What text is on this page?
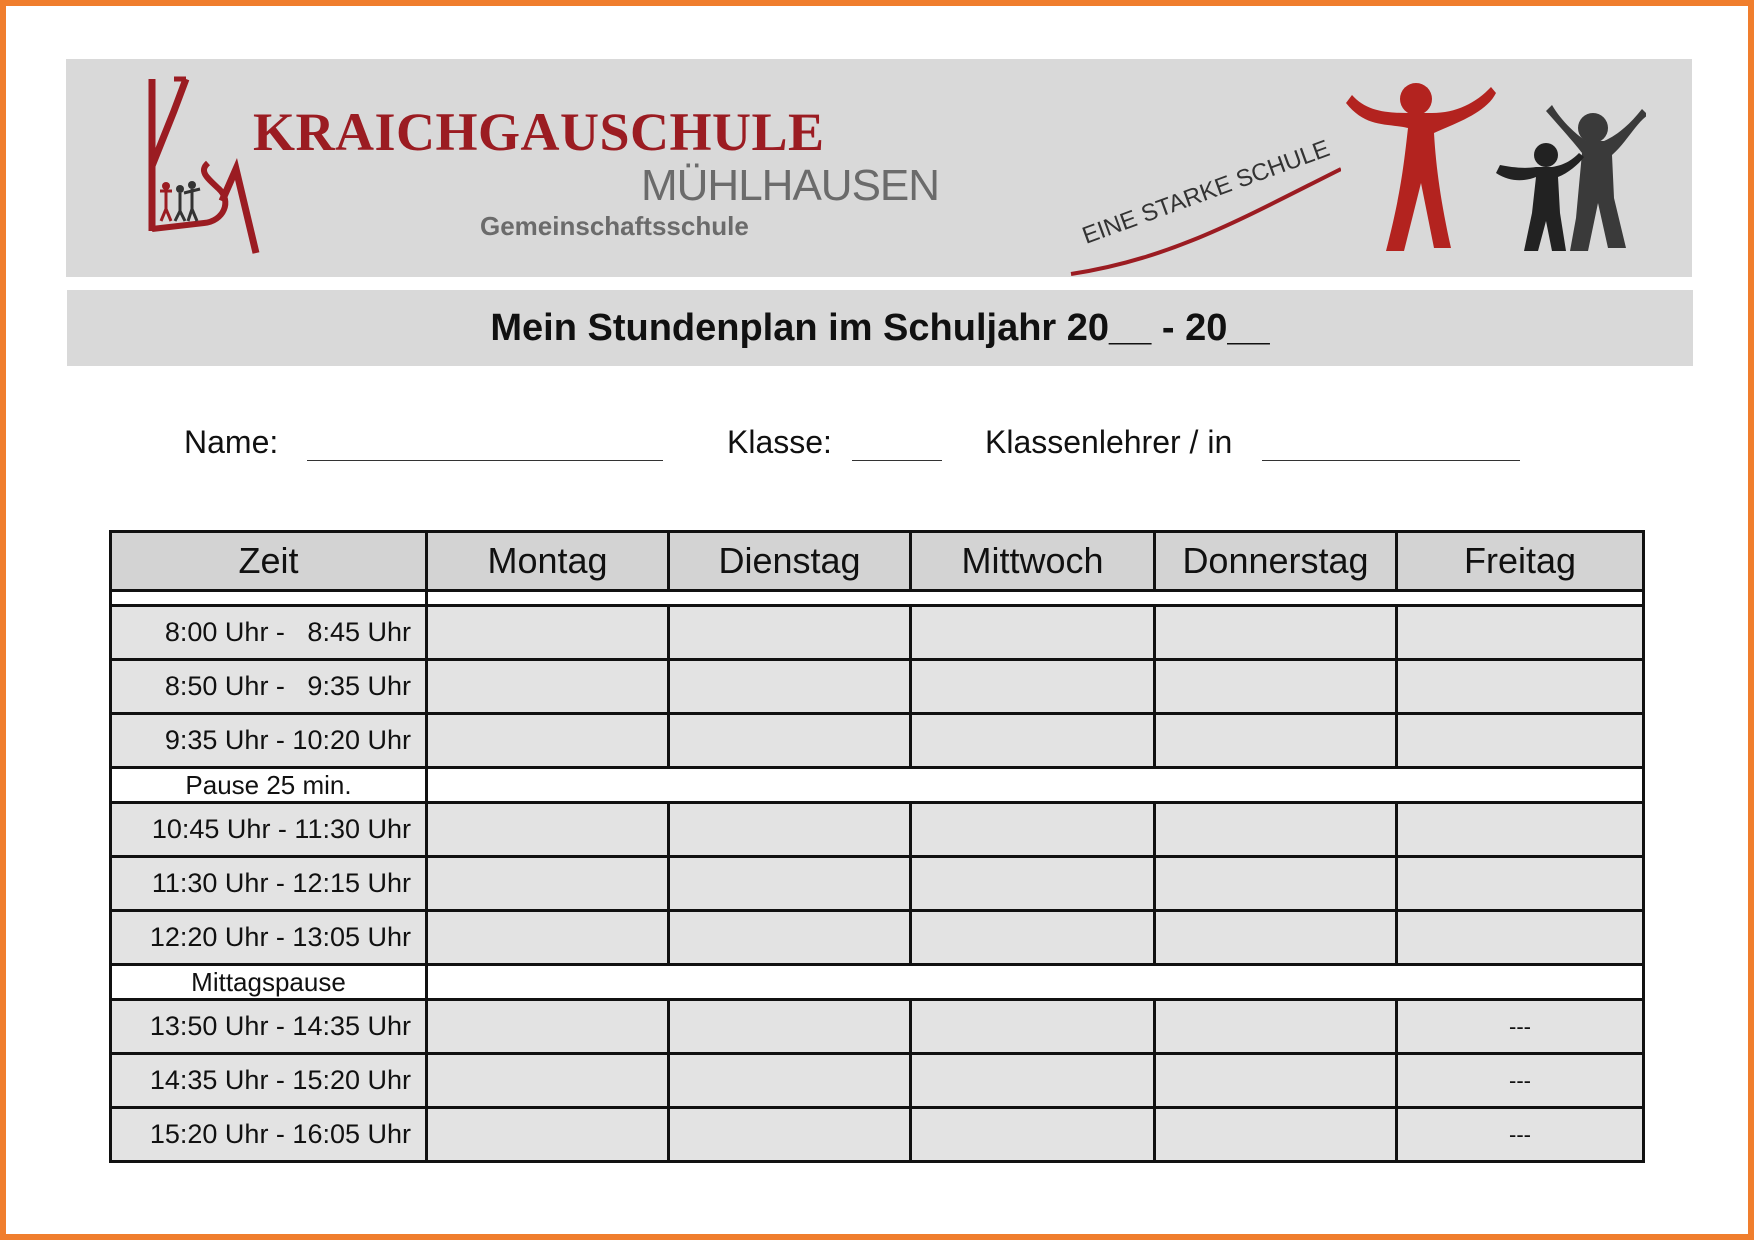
KRAICHGAUSCHULE
MÜHLHAUSEN
Gemeinschaftsschule	EINE STARKE SCHULE
Mein Stundenplan im Schuljahr 20__ - 20__
Name:	Klasse:	Klassenlehrer / in
Zeit	Montag	Dienstag	Mittwoch	Donnerstag	Freitag

8:00 Uhr -   8:45 Uhr					
8:50 Uhr -   9:35 Uhr					
9:35 Uhr - 10:20 Uhr					
Pause 25 min.					
10:45 Uhr - 11:30 Uhr					
11:30 Uhr - 12:15 Uhr					
12:20 Uhr - 13:05 Uhr					
Mittagspause					
13:50 Uhr - 14:35 Uhr					---
14:35 Uhr - 15:20 Uhr					---
15:20 Uhr - 16:05 Uhr					---
